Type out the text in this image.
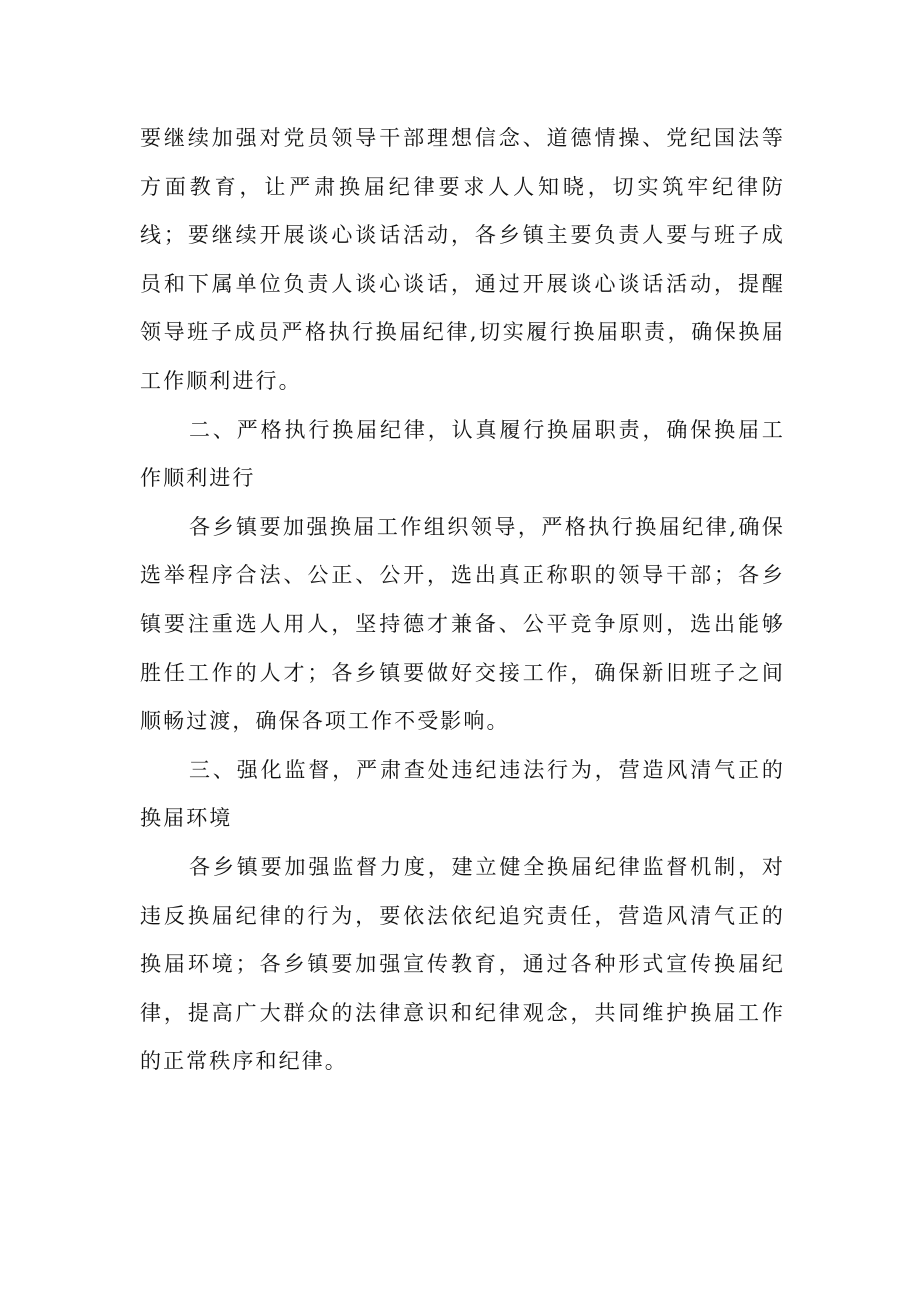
要继续加强对党员领导干部理想信念、道德情操、党纪国法等方面教育，让严肃换届纪律要求人人知晓，切实筑牢纪律防线；要继续开展谈心谈话活动，各乡镇主要负责人要与班子成员和下属单位负责人谈心谈话，通过开展谈心谈话活动，提醒领导班子成员严格执行换届纪律,切实履行换届职责，确保换届工作顺利进行。

二、严格执行换届纪律，认真履行换届职责，确保换届工作顺利进行

各乡镇要加强换届工作组织领导，严格执行换届纪律,确保选举程序合法、公正、公开，选出真正称职的领导干部；各乡镇要注重选人用人，坚持德才兼备、公平竞争原则，选出能够胜任工作的人才；各乡镇要做好交接工作，确保新旧班子之间顺畅过渡，确保各项工作不受影响。

三、强化监督，严肃查处违纪违法行为，营造风清气正的换届环境

各乡镇要加强监督力度，建立健全换届纪律监督机制，对违反换届纪律的行为，要依法依纪追究责任，营造风清气正的换届环境；各乡镇要加强宣传教育，通过各种形式宣传换届纪律，提高广大群众的法律意识和纪律观念，共同维护换届工作的正常秩序和纪律。
